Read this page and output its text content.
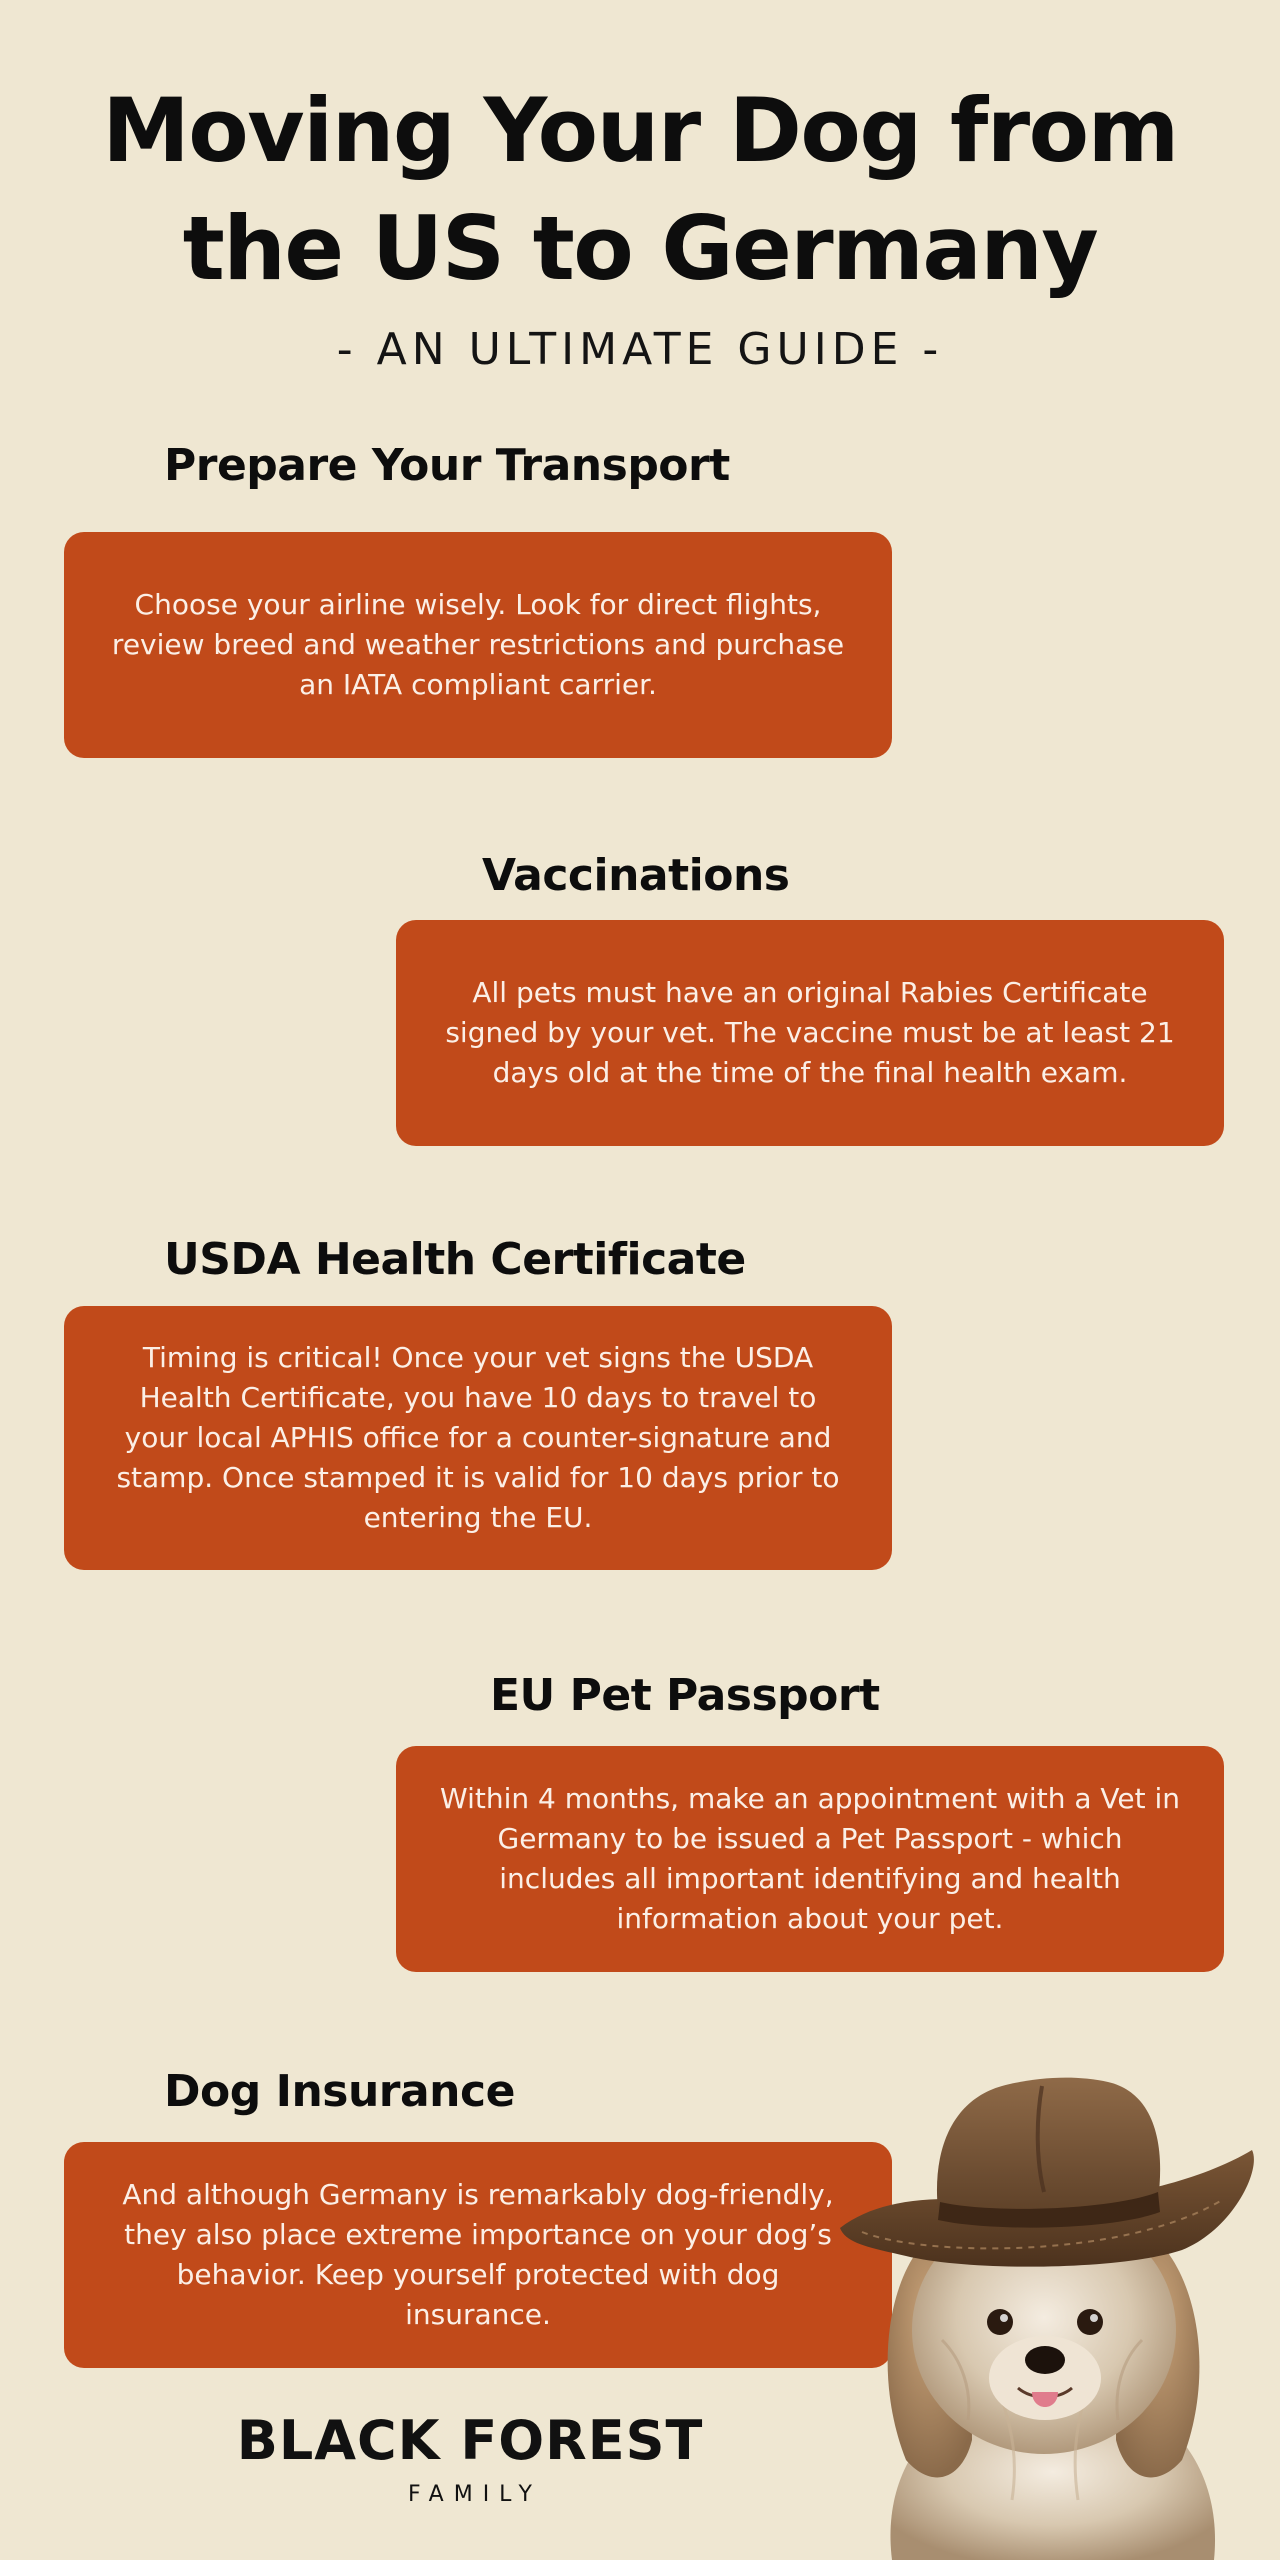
Moving Your Dog from the US to Germany
- AN ULTIMATE GUIDE -
Prepare Your Transport

Choose your airline wisely. Look for direct flights, review breed and weather restrictions and purchase an IATA compliant carrier.

Vaccinations

All pets must have an original Rabies Certificate signed by your vet. The vaccine must be at least 21 days old at the time of the final health exam.

USDA Health Certificate

Timing is critical! Once your vet signs the USDA Health Certificate, you have 10 days to travel to your local APHIS office for a counter-signature and stamp. Once stamped it is valid for 10 days prior to entering the EU.

EU Pet Passport

Within 4 months, make an appointment with a Vet in Germany to be issued a Pet Passport - which includes all important identifying and health information about your pet.

Dog Insurance

And although Germany is remarkably dog-friendly, they also place extreme importance on your dog’s behavior. Keep yourself protected with dog insurance.

BLACK FOREST
FAMILY
